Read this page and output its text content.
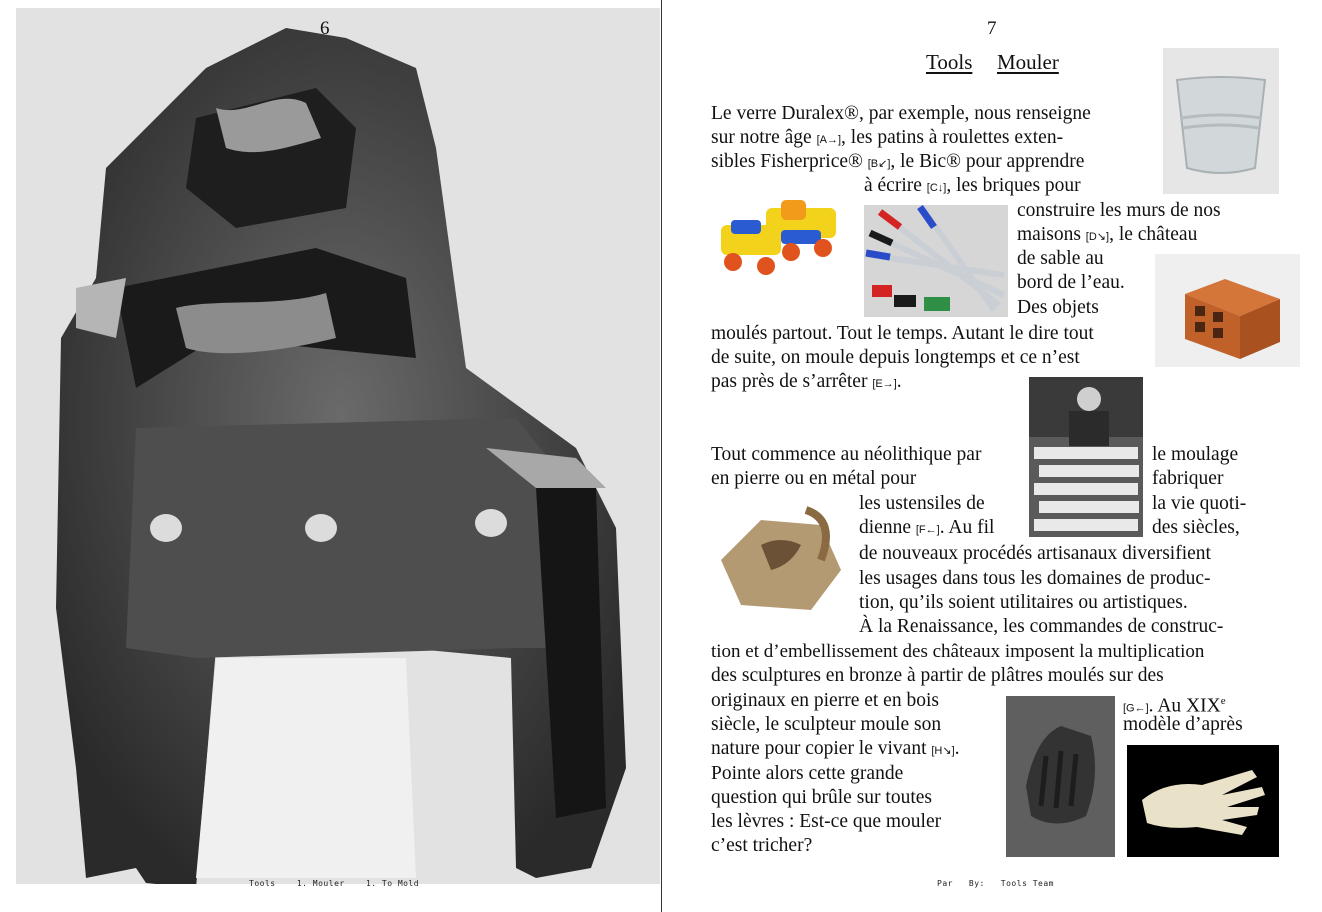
6
Tools    1. Mouler    1. To Mold
7
Tools Mouler
Le verre Duralex®, par exemple, nous renseigne
sur notre âge [A→], les patins à roulettes exten-
sibles Fisherprice® [B↙], le Bic® pour apprendre
à écrire [C↓], les briques pour
construire les murs de nos
maisons [D↘], le château
de sable au
bord de l’eau.
Des objets
moulés partout. Tout le temps. Autant le dire tout
de suite, on moule depuis longtemps et ce n’est
pas près de s’arrêter [E→].
Tout commence au néolithique par	le moulage
en pierre ou en métal pour	fabriquer
les ustensiles de	la vie quoti-
dienne [F←]. Au fil	des siècles,
de nouveaux procédés artisanaux diversifient
les usages dans tous les domaines de produc-
tion, qu’ils soient utilitaires ou artistiques.
À la Renaissance, les commandes de construc-
tion et d’embellissement des châteaux imposent la multiplication
des sculptures en bronze à partir de plâtres moulés sur des
originaux en pierre et en bois	[G←]. Au XIXe
siècle, le sculpteur moule son	modèle d’après
nature pour copier le vivant [H↘].
Pointe alors cette grande
question qui brûle sur toutes
les lèvres : Est-ce que mouler
c’est tricher?
Par   By:   Tools Team
